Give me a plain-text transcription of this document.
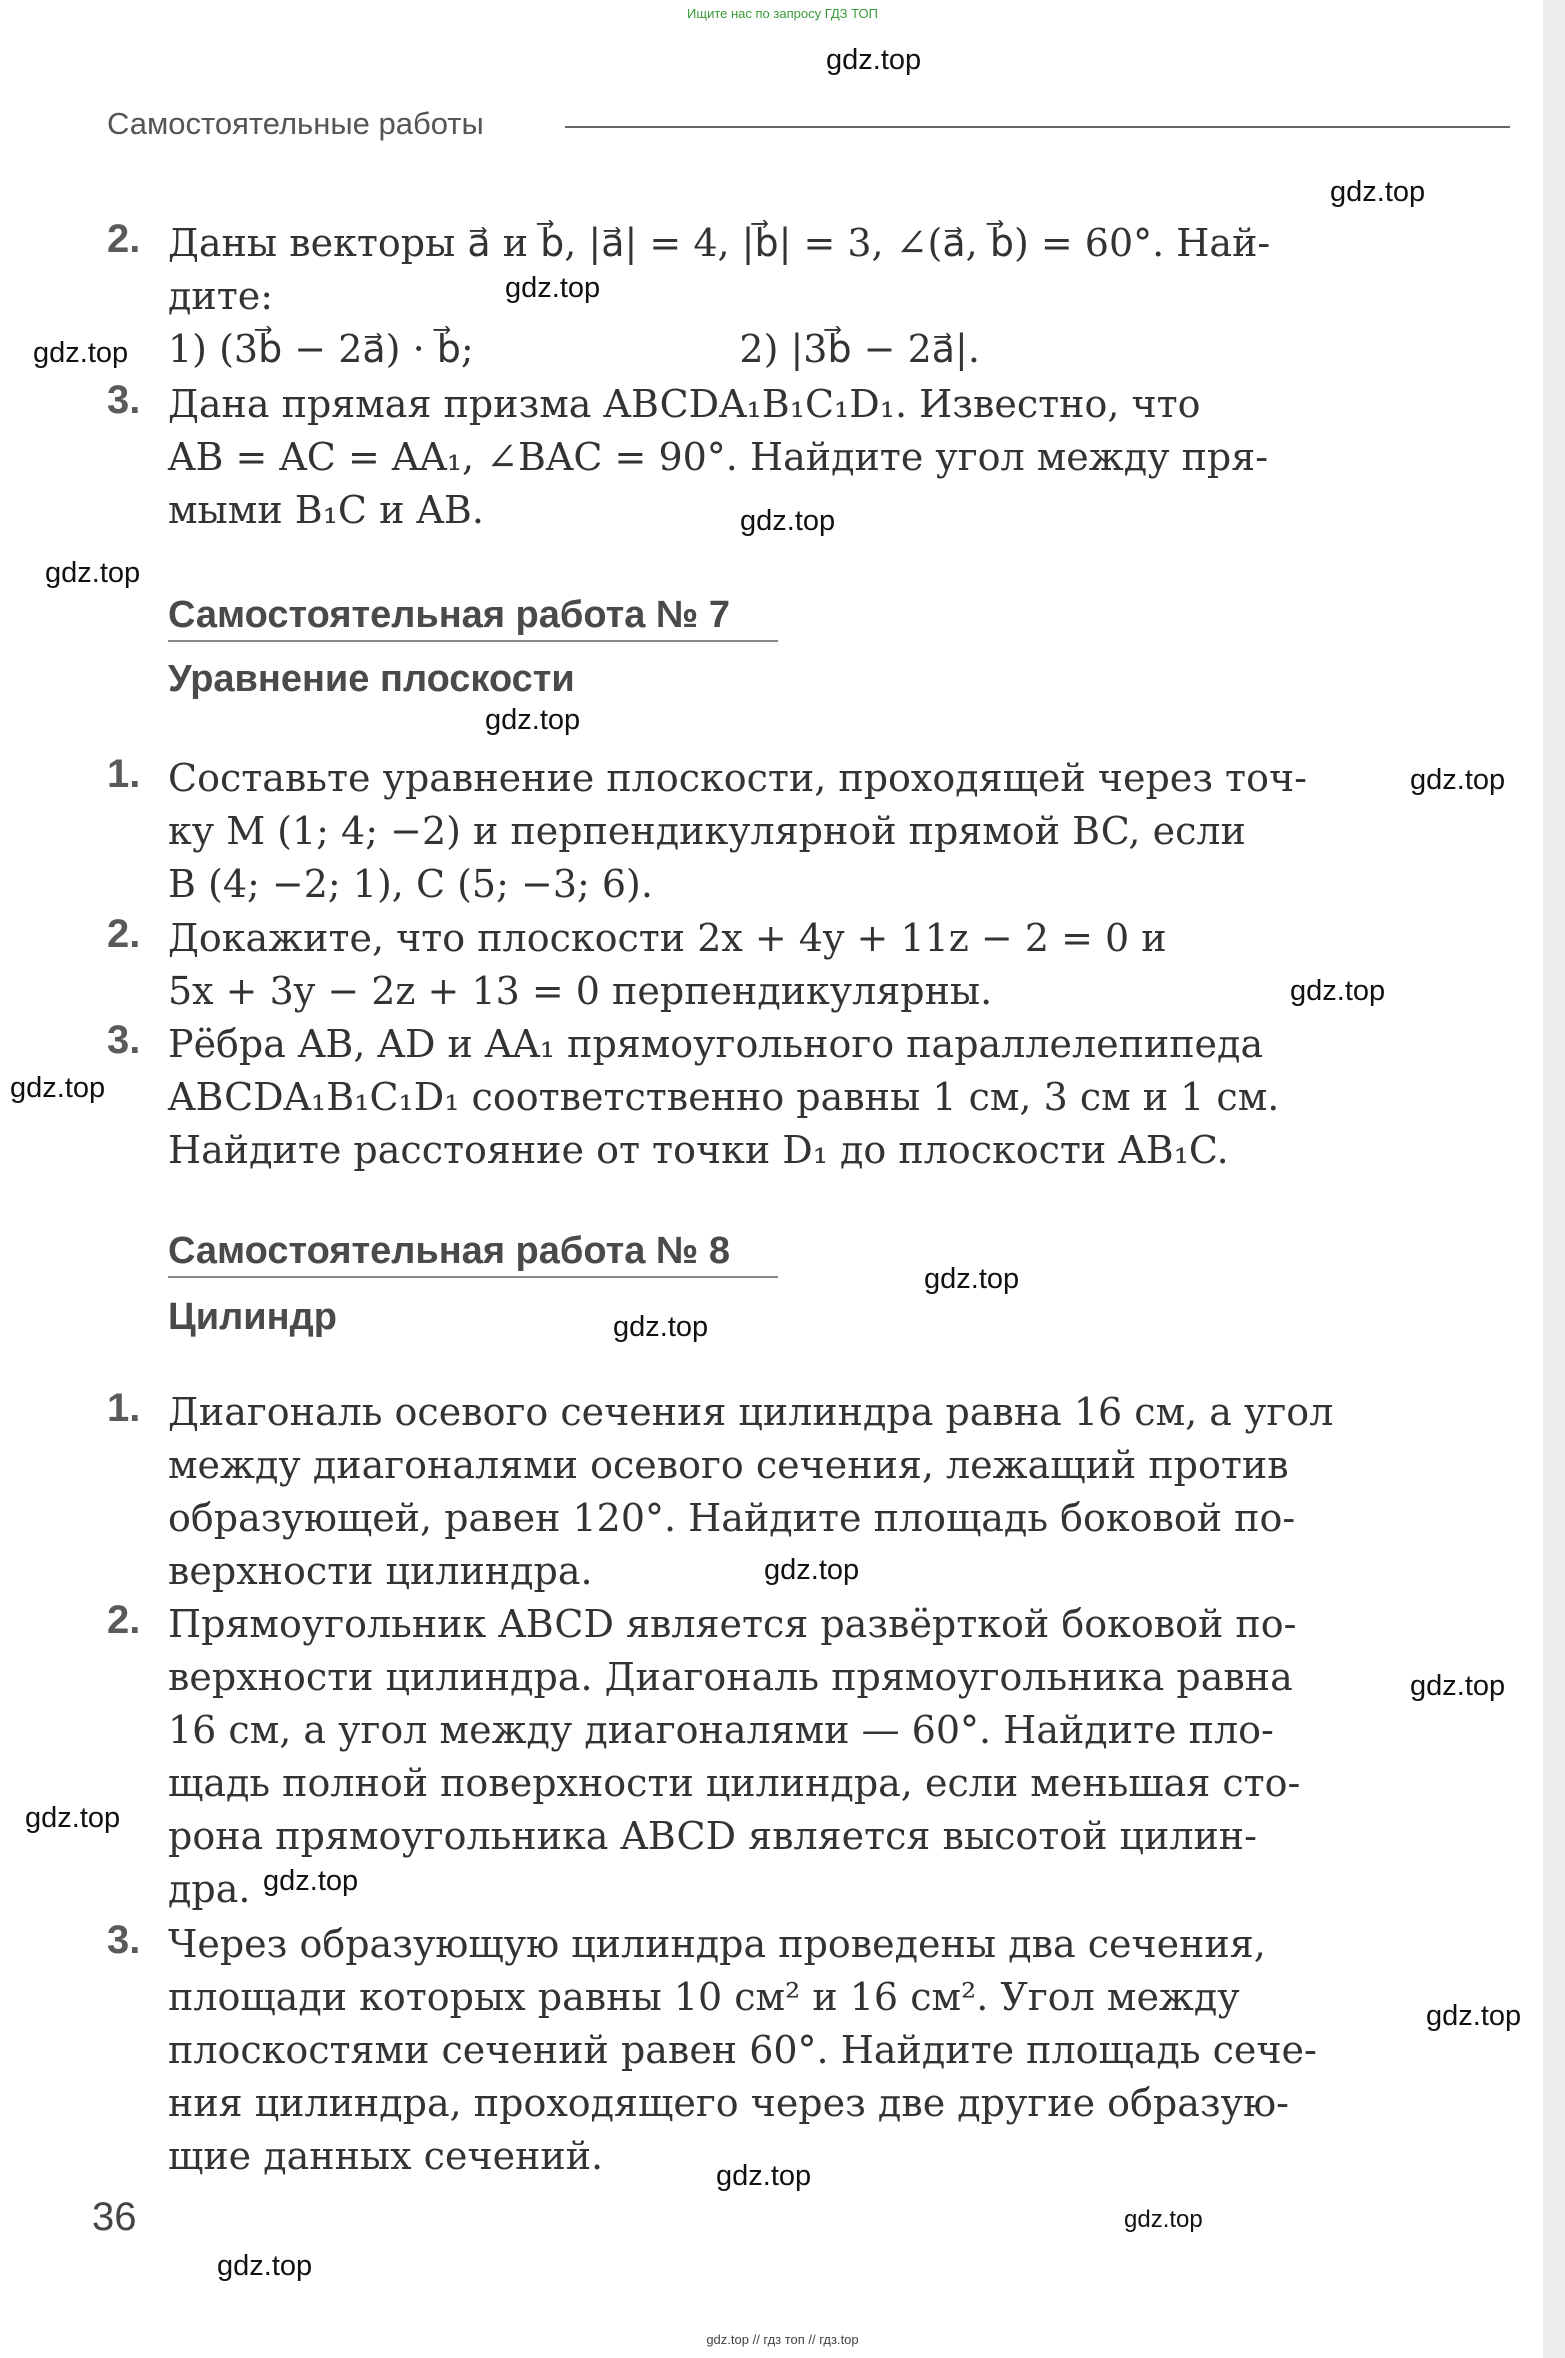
Ищите нас по запросу ГДЗ ТОП
Самостоятельные работы
2. Даны векторы a⃗ и b⃗, |a⃗| = 4, |b⃗| = 3, ∠(a⃗, b⃗) = 60°. Най-
дите:
1) (3b⃗ − 2a⃗) · b⃗;                      2) |3b⃗ − 2a⃗|.
3. Дана прямая призма ABCDA₁B₁C₁D₁. Известно, что
AB = AC = AA₁, ∠BAC = 90°. Найдите угол между пря-
мыми B₁C и AB.
Самостоятельная работа № 7
Уравнение плоскости
1. Составьте уравнение плоскости, проходящей через точ-
ку M (1; 4; −2) и перпендикулярной прямой BC, если
B (4; −2; 1), C (5; −3; 6).
2. Докажите, что плоскости 2x + 4y + 11z − 2 = 0 и
5x + 3y − 2z + 13 = 0 перпендикулярны.
3. Рёбра AB, AD и AA₁ прямоугольного параллелепипеда
ABCDA₁B₁C₁D₁ соответственно равны 1 см, 3 см и 1 см.
Найдите расстояние от точки D₁ до плоскости AB₁C.
Самостоятельная работа № 8
Цилиндр
1. Диагональ осевого сечения цилиндра равна 16 см, а угол
между диагоналями осевого сечения, лежащий против
образующей, равен 120°. Найдите площадь боковой по-
верхности цилиндра.
2. Прямоугольник ABCD является развёрткой боковой по-
верхности цилиндра. Диагональ прямоугольника равна
16 см, а угол между диагоналями — 60°. Найдите пло-
щадь полной поверхности цилиндра, если меньшая сто-
рона прямоугольника ABCD является высотой цилин-
дра.
3. Через образующую цилиндра проведены два сечения,
площади которых равны 10 см² и 16 см². Угол между
плоскостями сечений равен 60°. Найдите площадь сече-
ния цилиндра, проходящего через две другие образую-
щие данных сечений.
36
gdz.top
gdz.top
gdz.top
gdz.top
gdz.top
gdz.top
gdz.top
gdz.top
gdz.top
gdz.top
gdz.top
gdz.top
gdz.top
gdz.top
gdz.top
gdz.top
gdz.top
gdz.top
gdz.top
gdz.top
gdz.top // гдз топ // гдз.top
